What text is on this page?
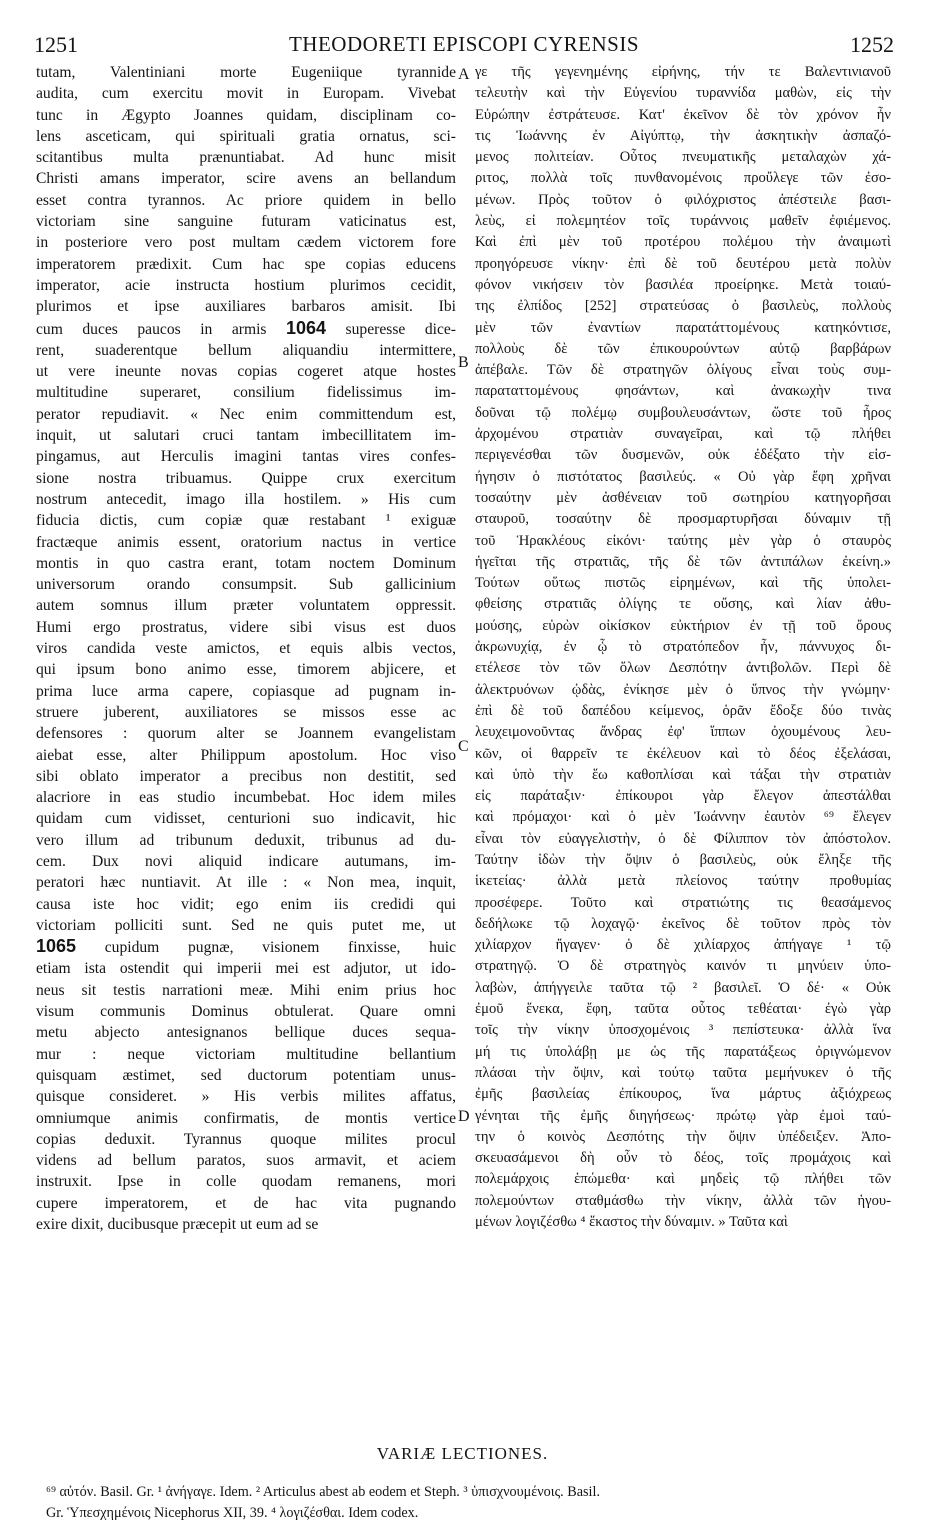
1251	THEODORETI EPISCOPI CYRENSIS	1252
tutam, Valentiniani morte Eugeniique tyrannide
audita, cum exercitu movit in Europam. Vivebat
tunc in Ægypto Joannes quidam, disciplinam co-
lens asceticam, qui spirituali gratia ornatus, sci-
scitantibus multa prænuntiabat. Ad hunc misit
Christi amans imperator, scire avens an bellandum
esset contra tyrannos. Ac priore quidem in bello
victoriam sine sanguine futuram vaticinatus est,
in posteriore vero post multam cædem victorem fore
imperatorem prædixit. Cum hac spe copias educens
imperator, acie instructa hostium plurimos cecidit,
plurimos et ipse auxiliares barbaros amisit. Ibi
cum duces paucos in armis 1064 superesse dice-
rent, suaderentque bellum aliquandiu intermittere,
ut vere ineunte novas copias cogeret atque hostes
multitudine superaret, consilium fidelissimus im-
perator repudiavit. « Nec enim committendum est,
inquit, ut salutari cruci tantam imbecillitatem im-
pingamus, aut Herculis imagini tantas vires confes-
sione nostra tribuamus. Quippe crux exercitum
nostrum antecedit, imago illa hostilem. » His cum
fiducia dictis, cum copiæ quæ restabant ¹ exiguæ
fractæque animis essent, oratorium nactus in vertice
montis in quo castra erant, totam noctem Dominum
universorum orando consumpsit. Sub gallicinium
autem somnus illum præter voluntatem oppressit.
Humi ergo prostratus, videre sibi visus est duos
viros candida veste amictos, et equis albis vectos,
qui ipsum bono animo esse, timorem abjicere, et
prima luce arma capere, copiasque ad pugnam in-
struere juberent, auxiliatores se missos esse ac
defensores : quorum alter se Joannem evangelistam
aiebat esse, alter Philippum apostolum. Hoc viso
sibi oblato imperator a precibus non destitit, sed
alacriore in eas studio incumbebat. Hoc idem miles
quidam cum vidisset, centurioni suo indicavit, hic
vero illum ad tribunum deduxit, tribunus ad du-
cem. Dux novi aliquid indicare autumans, im-
peratori hæc nuntiavit. At ille : « Non mea, inquit,
causa iste hoc vidit; ego enim iis credidi qui
victoriam polliciti sunt. Sed ne quis putet me, ut
1065 cupidum pugnæ, visionem finxisse, huic
etiam ista ostendit qui imperii mei est adjutor, ut ido-
neus sit testis narrationi meæ. Mihi enim prius hoc
visum communis Dominus obtulerat. Quare omni
metu abjecto antesignanos bellique duces sequa-
mur : neque victoriam multitudine bellantium
quisquam æstimet, sed ductorum potentiam unus-
quisque consideret. » His verbis milites affatus,
omniumque animis confirmatis, de montis vertice
copias deduxit. Tyrannus quoque milites procul
videns ad bellum paratos, suos armavit, et aciem
instruxit. Ipse in colle quodam remanens, mori
cupere imperatorem, et de hac vita pugnando
exire dixit, ducibusque præcepit ut eum ad se
γε τῆς γεγενημένης εἰρήνης, τήν τε Βαλεντινιανοῦ
τελευτὴν καὶ τὴν Εὐγενίου τυραννίδα μαθὼν, εἰς τὴν
Εὐρώπην ἐστράτευσε. Κατ' ἐκεῖνον δὲ τὸν χρόνον ἦν
τις Ἰωάννης ἐν Αἰγύπτῳ, τὴν ἀσκητικὴν ἀσπαζό-
μενος πολιτείαν. Οὗτος πνευματικῆς μεταλαχὼν χά-
ριτος, πολλὰ τοῖς πυνθανομένοις προὔλεγε τῶν ἐσο-
μένων. Πρὸς τοῦτον ὁ φιλόχριστος ἀπέστειλε βασι-
λεὺς, εἰ πολεμητέον τοῖς τυράννοις μαθεῖν ἐφιέμενος.
Καὶ ἐπὶ μὲν τοῦ προτέρου πολέμου τὴν ἀναιμωτὶ
προηγόρευσε νίκην· ἐπὶ δὲ τοῦ δευτέρου μετὰ πολὺν
φόνον νικήσειν τὸν βασιλέα προείρηκε. Μετὰ τοιαύ-
της ἐλπίδος [252] στρατεύσας ὁ βασιλεὺς, πολλοὺς
μὲν τῶν ἐναντίων παρατάττομένους κατηκόντισε,
πολλοὺς δὲ τῶν ἐπικουρούντων αὐτῷ βαρβάρων
ἀπέβαλε. Τῶν δὲ στρατηγῶν ὀλίγους εἶναι τοὺς συμ-
παραταττομένους φησάντων, καὶ ἀνακωχὴν τινα
δοῦναι τῷ πολέμῳ συμβουλευσάντων, ὥστε τοῦ ἦρος
ἀρχομένου στρατιὰν συναγεῖραι, καὶ τῷ πλήθει
περιγενέσθαι τῶν δυσμενῶν, οὐκ ἐδέξατο τὴν εἰσ-
ήγησιν ὁ πιστότατος βασιλεύς. « Οὐ γὰρ ἔφη χρῆναι
τοσαύτην μὲν ἀσθένειαν τοῦ σωτηρίου κατηγορῆσαι
σταυροῦ, τοσαύτην δὲ προσμαρτυρῆσαι δύναμιν τῇ
τοῦ Ἡρακλέους εἰκόνι· ταύτης μὲν γὰρ ὁ σταυρὸς
ἡγεῖται τῆς στρατιᾶς, τῆς δὲ τῶν ἀντιπάλων ἐκείνη.»
Τούτων οὕτως πιστῶς εἰρημένων, καὶ τῆς ὑπολει-
φθείσης στρατιᾶς ὀλίγης τε οὔσης, καὶ λίαν ἀθυ-
μούσης, εὑρὼν οἰκίσκον εὐκτήριον ἐν τῇ τοῦ ὄρους
ἀκρωνυχίᾳ, ἐν ᾧ τὸ στρατόπεδον ἦν, πάννυχος δι-
ετέλεσε τὸν τῶν ὅλων Δεσπότην ἀντιβολῶν. Περὶ δὲ
ἀλεκτρυόνων ᾠδὰς, ἐνίκησε μὲν ὁ ὕπνος τὴν γνώμην·
ἐπὶ δὲ τοῦ δαπέδου κείμενος, ὁρᾶν ἔδοξε δύο τινὰς
λευχειμονοῦντας ἄνδρας ἐφ' ἵππων ὀχουμένους λευ-
κῶν, οἱ θαρρεῖν τε ἐκέλευον καὶ τὸ δέος ἐξελάσαι,
καὶ ὑπὸ τὴν ἕω καθοπλίσαι καὶ τάξαι τὴν στρατιὰν
εἰς παράταξιν· ἐπίκουροι γὰρ ἔλεγον ἀπεστάλθαι
καὶ πρόμαχοι· καὶ ὁ μὲν Ἰωάννην ἑαυτὸν ⁶⁹ ἔλεγεν
εἶναι τὸν εὐαγγελιστὴν, ὁ δὲ Φίλιππον τὸν ἀπόστολον.
Ταύτην ἰδὼν τὴν ὄψιν ὁ βασιλεὺς, οὐκ ἔληξε τῆς
ἱκετείας· ἀλλὰ μετὰ πλείονος ταύτην προθυμίας
προσέφερε. Τοῦτο καὶ στρατιώτης τις θεασάμενος
δεδήλωκε τῷ λοχαγῷ· ἐκεῖνος δὲ τοῦτον πρὸς τὸν
χιλίαρχον ἤγαγεν· ὁ δὲ χιλίαρχος ἀπήγαγε ¹ τῷ
στρατηγῷ. Ὁ δὲ στρατηγὸς καινόν τι μηνύειν ὑπο-
λαβὼν, ἀπήγγειλε ταῦτα τῷ ² βασιλεῖ. Ὁ δέ· « Οὐκ
ἐμοῦ ἕνεκα, ἔφη, ταῦτα οὗτος τεθέαται· ἐγὼ γὰρ
τοῖς τὴν νίκην ὑποσχομένοις ³ πεπίστευκα· ἀλλὰ ἵνα
μή τις ὑπολάβῃ με ὡς τῆς παρατάξεως ὀριγνώμενον
πλάσαι τὴν ὄψιν, καὶ τούτῳ ταῦτα μεμήνυκεν ὁ τῆς
ἐμῆς βασιλείας ἐπίκουρος, ἵνα μάρτυς ἀξιόχρεως
γένηται τῆς ἐμῆς διηγήσεως· πρώτῳ γὰρ ἐμοὶ ταύ-
την ὁ κοινὸς Δεσπότης τὴν ὄψιν ὑπέδειξεν. Ἀπο-
σκευασάμενοι δὴ οὖν τὸ δέος, τοῖς προμάχοις καὶ
πολεμάρχοις ἑπώμεθα· καὶ μηδεὶς τῷ πλήθει τῶν
πολεμούντων σταθμάσθω τὴν νίκην, ἀλλὰ τῶν ἡγου-
μένων λογιζέσθω ⁴ ἕκαστος τὴν δύναμιν. » Ταῦτα καὶ
A
B
C
D
VARIÆ LECTIONES.
⁶⁹ αὐτόν. Basil. Gr. ¹ ἀνήγαγε. Idem. ² Articulus abest ab eodem et Steph. ³ ὑπισχνουμένοις. Basil.
Gr. Ὑπεσχημένοις Nicephorus XII, 39. ⁴ λογιζέσθαι. Idem codex.
